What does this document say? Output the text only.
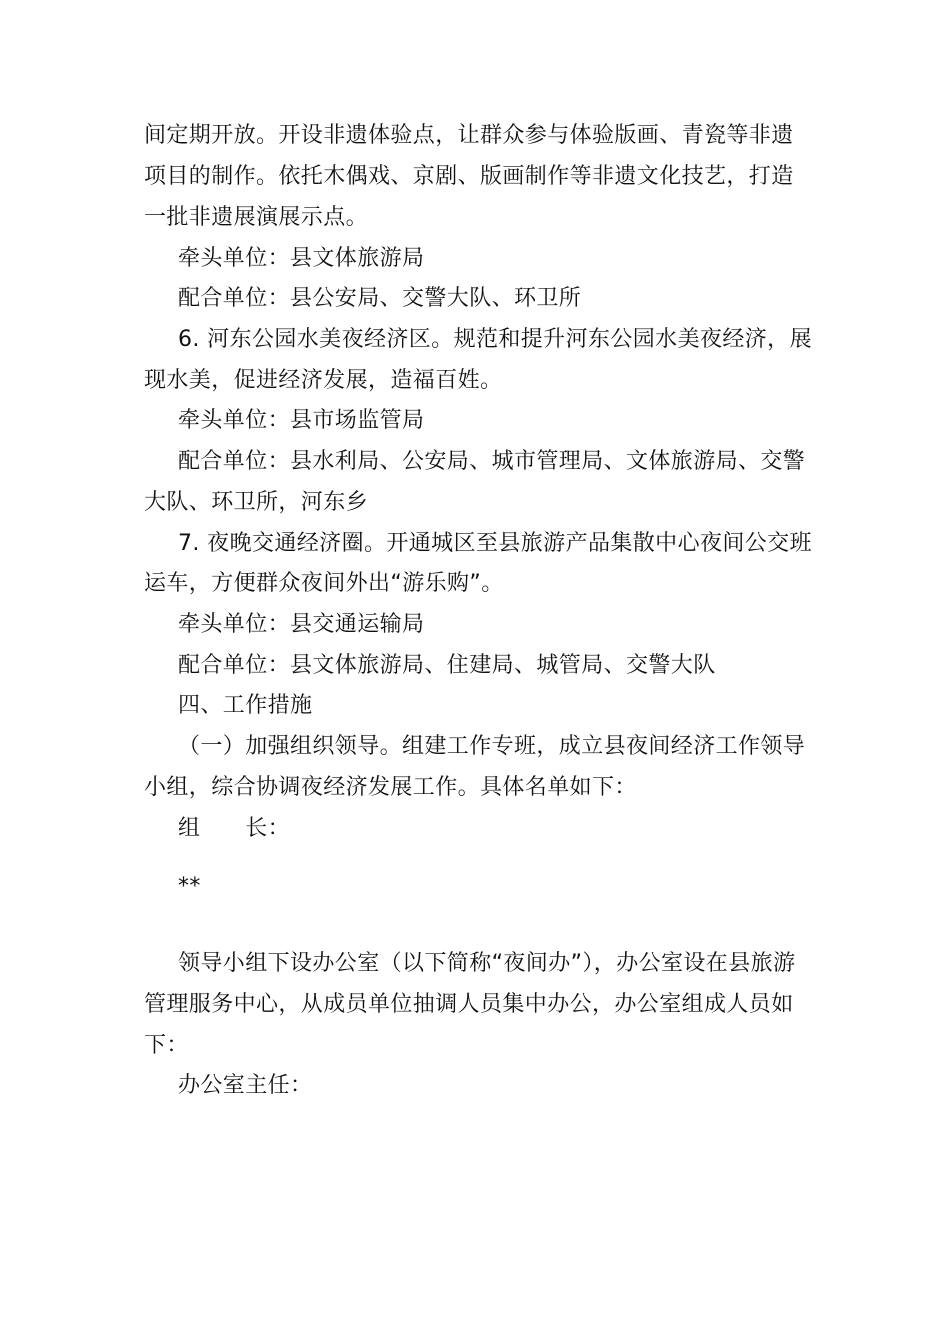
间定期开放。开设非遗体验点，让群众参与体验版画、青瓷等非遗
项目的制作。依托木偶戏、京剧、版画制作等非遗文化技艺，打造
一批非遗展演展示点。
牵头单位：县文体旅游局
配合单位：县公安局、交警大队、环卫所
6. 河东公园水美夜经济区。规范和提升河东公园水美夜经济，展
现水美，促进经济发展，造福百姓。
牵头单位：县市场监管局
配合单位：县水利局、公安局、城市管理局、文体旅游局、交警
大队、环卫所，河东乡
7. 夜晚交通经济圈。开通城区至县旅游产品集散中心夜间公交班
运车，方便群众夜间外出“游乐购”。
牵头单位：县交通运输局
配合单位：县文体旅游局、住建局、城管局、交警大队
四、工作措施
（一）加强组织领导。组建工作专班，成立县夜间经济工作领导
小组，综合协调夜经济发展工作。具体名单如下：
组　　长：
**
领导小组下设办公室（以下简称“夜间办”），办公室设在县旅游
管理服务中心，从成员单位抽调人员集中办公，办公室组成人员如
下：
办公室主任：
